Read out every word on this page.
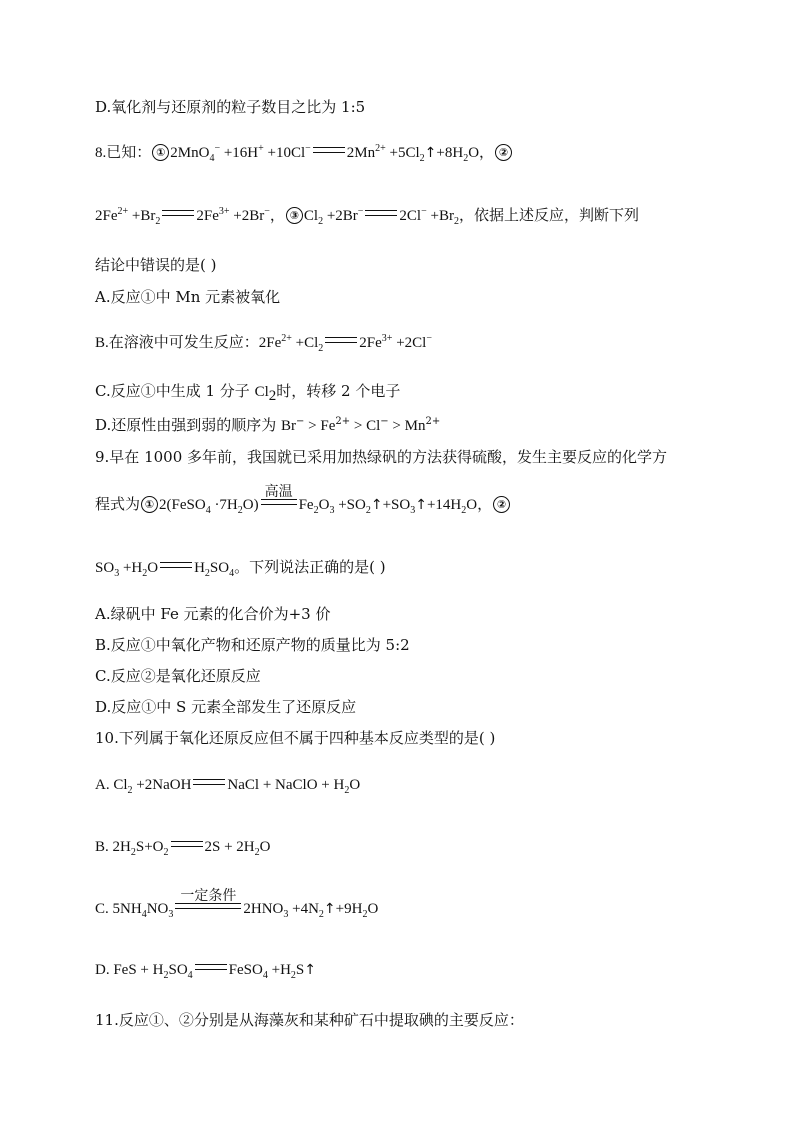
D.氧化剂与还原剂的粒子数目之比为 1:5
8.已知： ① 2MnO$_4$− +16H+ +10Cl− $2Mn^{2+}$ $+5Cl_2↑+8H_2O$， ②
$2Fe^{2+} +Br_2$ $2Fe^{3+} +2Br^-$， ③ $Cl_2 +2Br^-$ $2Cl^- +Br_2$，依据上述反应，判断下列
结论中错误的是( )
A.反应①中 Mn 元素被氧化
B.在溶液中可发生反应：$2Fe^{2+} +Cl_2$ $2Fe^{3+} +2Cl^-$
C.反应①中生成 1 分子 $Cl_2$时，转移 2 个电子
D.还原性由强到弱的顺序为 $Br^- > Fe^{2+} > Cl^- > Mn^{2+}$
9.早在 1000 多年前，我国就已采用加热绿矾的方法获得硫酸，发生主要反应的化学方
程式为 ① 2(FeSO$_4$ $\cdot 7H_2O$)
高温
$Fe_2O_3$ $+SO_2↑+SO_3↑+14H_2O$， ②
$SO_3 +H_2O$ $H_2SO_4$。下列说法正确的是( )
A.绿矾中 Fe 元素的化合价为+3 价
B.反应①中氧化产物和还原产物的质量比为 5:2
C.反应②是氧化还原反应
D.反应①中 S 元素全部发生了还原反应
10.下列属于氧化还原反应但不属于四种基本反应类型的是( )
A. $Cl_2$ +2NaOH NaCl + NaClO + $H_2O$
B. $2H_2S+O_2$ $2S + 2H_2O$
C. $5NH_4NO_3$
一定条件
$2HNO_3$ $+4N_2↑+9H_2O$
D. FeS + $H_2SO_4$ FeSO$_4$ $+H_2S↑$
11.反应①、②分别是从海藻灰和某种矿石中提取碘的主要反应：
